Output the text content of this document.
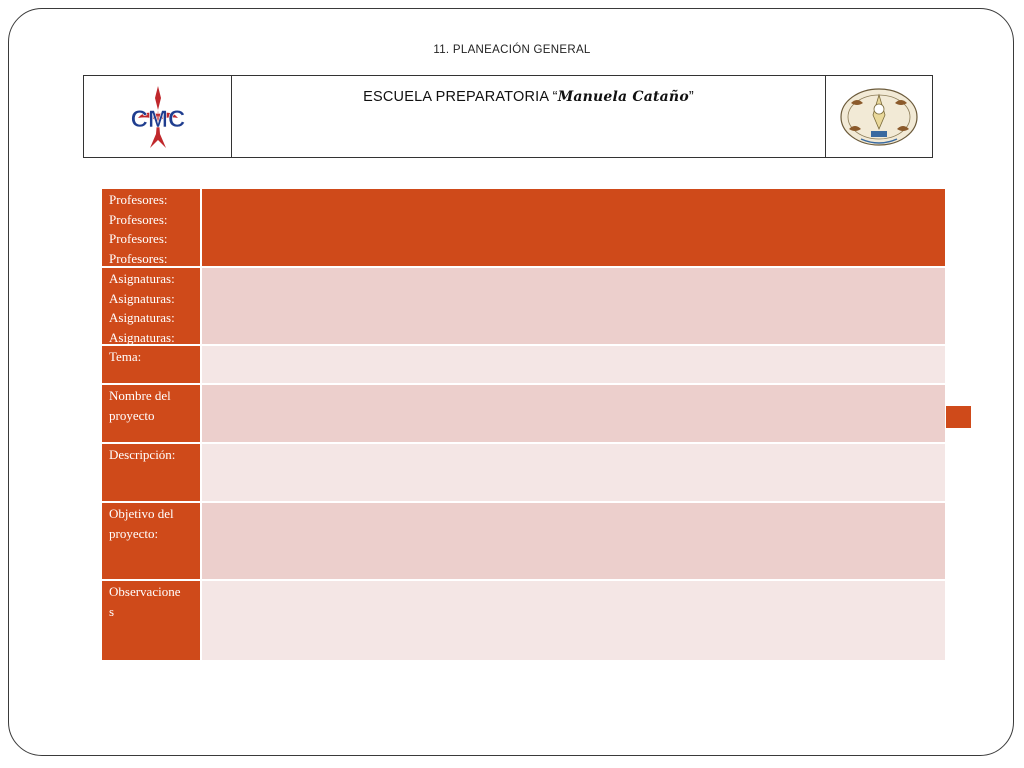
11. PLANEACIÓN GENERAL
CMC
ESCUELA PREPARATORIA “Manuela Cataño”
Profesores:
Profesores:
Profesores:
Profesores:
Asignaturas:
Asignaturas:
Asignaturas:
Asignaturas:
Tema:
Nombre del
proyecto
Descripción:
Objetivo del
proyecto:
Observacione
s
